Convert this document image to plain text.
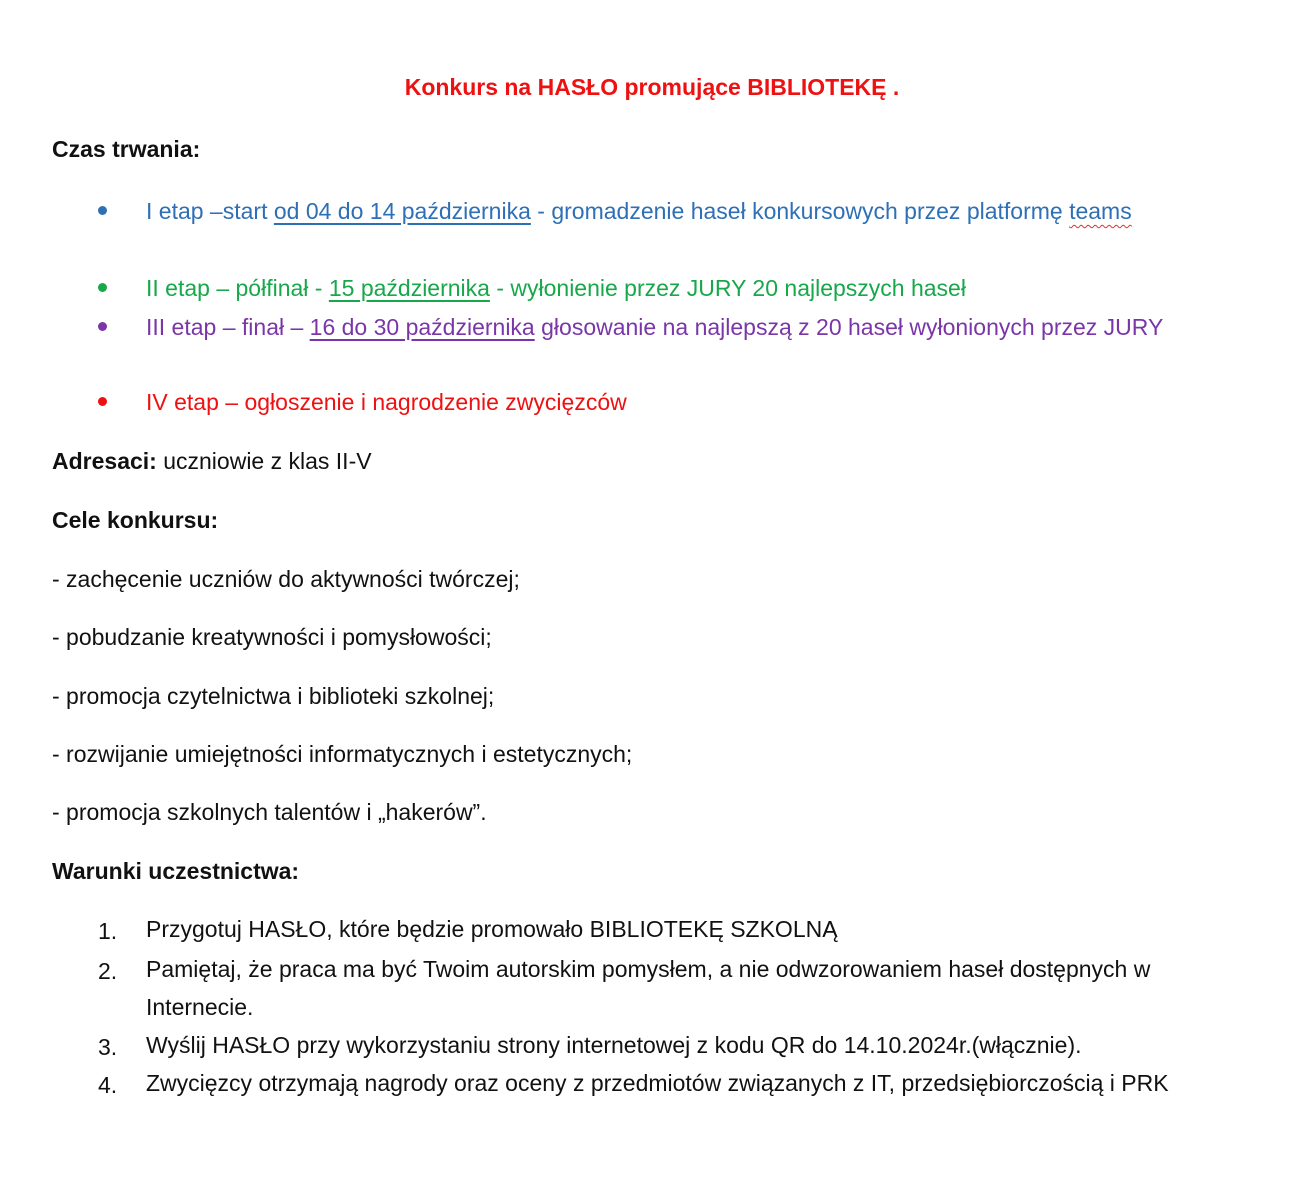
Konkurs na HASŁO promujące BIBLIOTEKĘ .
Czas trwania:
I etap –start od 04 do 14 października - gromadzenie haseł konkursowych przez platformę teams
II etap – półfinał - 15 października - wyłonienie przez JURY 20 najlepszych haseł
III etap – finał – 16 do 30 października głosowanie na najlepszą z 20 haseł wyłonionych przez JURY
IV etap – ogłoszenie i nagrodzenie zwycięzców
Adresaci: uczniowie z klas II-V
Cele konkursu:
- zachęcenie uczniów do aktywności twórczej;
- pobudzanie kreatywności i pomysłowości;
- promocja czytelnictwa i biblioteki szkolnej;
- rozwijanie umiejętności informatycznych i estetycznych;
- promocja szkolnych talentów i „hakerów”.
Warunki uczestnictwa:
1.	Przygotuj HASŁO, które będzie promowało BIBLIOTEKĘ SZKOLNĄ
2.	Pamiętaj, że praca ma być Twoim autorskim pomysłem, a nie odwzorowaniem haseł dostępnych w Internecie.
3.	Wyślij HASŁO przy wykorzystaniu strony internetowej z kodu QR do 14.10.2024r.(włącznie).
4.	Zwycięzcy otrzymają nagrody oraz oceny z przedmiotów związanych z IT, przedsiębiorczością i PRK
